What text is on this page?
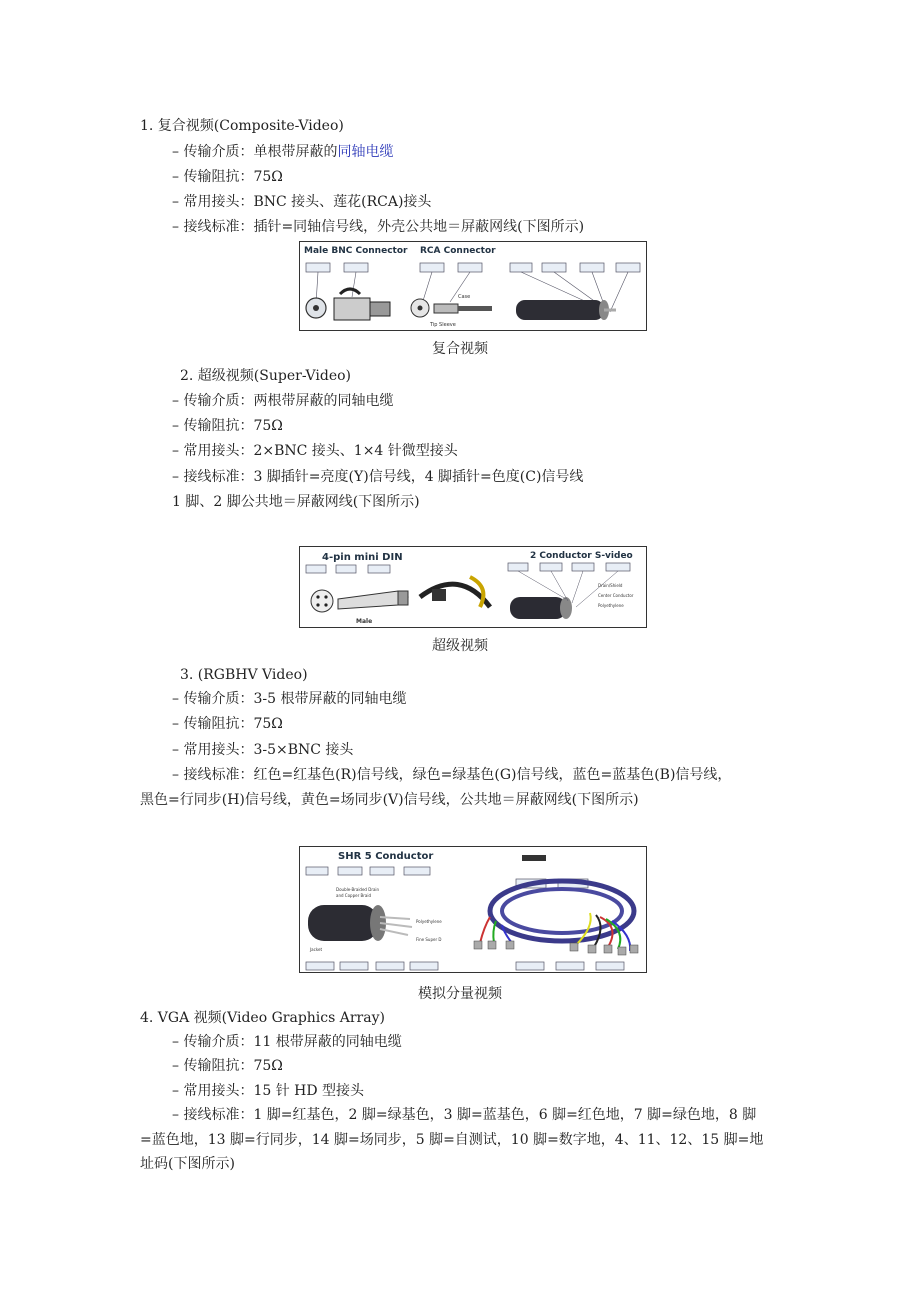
1. 复合视频(Composite-Video)
– 传输介质：单根带屏蔽的同轴电缆
– 传输阻抗：75Ω
– 常用接头：BNC 接头、莲花(RCA)接头
– 接线标准：插针=同轴信号线，外壳公共地＝屏蔽网线(下图所示)
Male BNC Connector RCA Connector
Case
Tip Sleeve
复合视频
2. 超级视频(Super-Video)
– 传输介质：两根带屏蔽的同轴电缆
– 传输阻抗：75Ω
– 常用接头：2×BNC 接头、1×4 针微型接头
– 接线标准：3 脚插针=亮度(Y)信号线，4 脚插针=色度(C)信号线
1 脚、2 脚公共地＝屏蔽网线(下图所示)
4-pin mini DIN	2 Conductor S-video
Male
Drain/Shield
Center Conductor
Polyethylene
超级视频
3. (RGBHV Video)
– 传输介质：3-5 根带屏蔽的同轴电缆
– 传输阻抗：75Ω
– 常用接头：3-5×BNC 接头
– 接线标准：红色=红基色(R)信号线，绿色=绿基色(G)信号线，蓝色=蓝基色(B)信号线，
黑色=行同步(H)信号线，黄色=场同步(V)信号线，公共地＝屏蔽网线(下图所示)
SHR 5 Conductor
Double-Braided Drain
and Copper Braid
Polyethylene
Fine Super D
Jacket
模拟分量视频
4. VGA 视频(Video Graphics Array)
– 传输介质：11 根带屏蔽的同轴电缆
– 传输阻抗：75Ω
– 常用接头：15 针 HD 型接头
– 接线标准：1 脚=红基色，2 脚=绿基色，3 脚=蓝基色，6 脚=红色地，7 脚=绿色地，8 脚
=蓝色地，13 脚=行同步，14 脚=场同步，5 脚=自测试，10 脚=数字地，4、11、12、15 脚=地
址码(下图所示)
